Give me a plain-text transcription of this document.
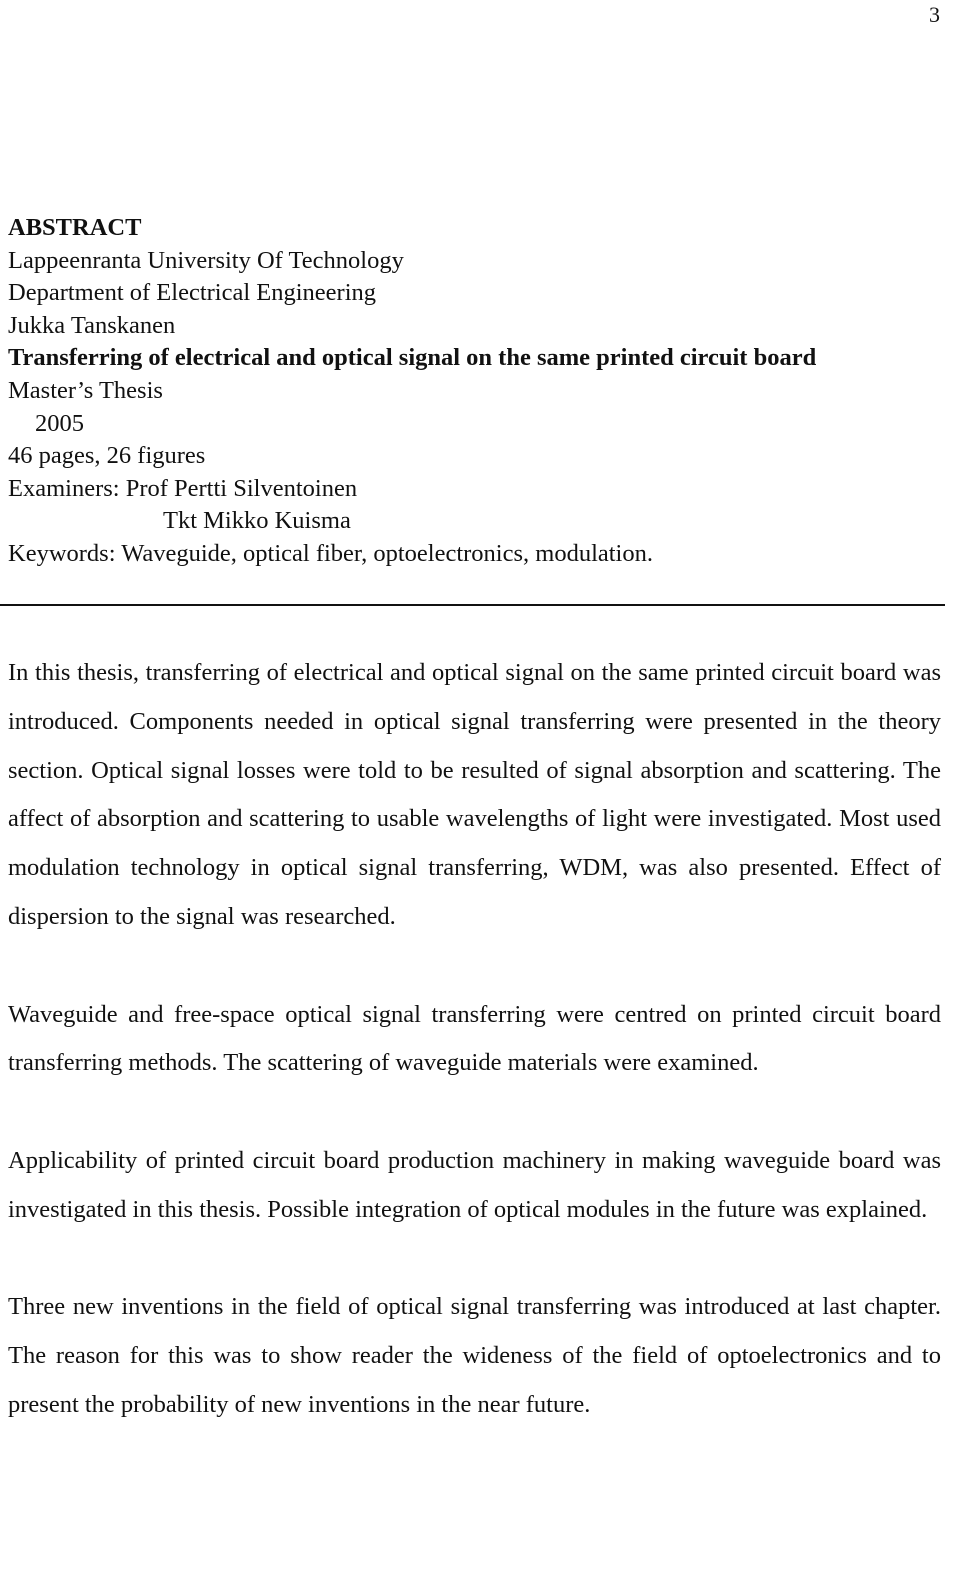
3
ABSTRACT
Lappeenranta University Of Technology
Department of Electrical Engineering
Jukka Tanskanen
Transferring of electrical and optical signal on the same printed circuit board
Master’s Thesis
2005
46 pages, 26 figures
Examiners: Prof Pertti Silventoinen
Tkt Mikko Kuisma
Keywords: Waveguide, optical fiber, optoelectronics, modulation.

In this thesis, transferring of electrical and optical signal on the same printed circuit board was introduced. Components needed in optical signal transferring were presented in the theory section. Optical signal losses were told to be resulted of signal absorption and scattering. The affect of absorption and scattering to usable wavelengths of light were investigated. Most used modulation technology in optical signal transferring, WDM, was also presented. Effect of dispersion to the signal was researched.

Waveguide and free-space optical signal transferring were centred on printed circuit board transferring methods. The scattering of waveguide materials were examined.

Applicability of printed circuit board production machinery in making waveguide board was investigated in this thesis. Possible integration of optical modules in the future was explained.

Three new inventions in the field of optical signal transferring was introduced at last chapter. The reason for this was to show reader the wideness of the field of optoelectronics and to present the probability of new inventions in the near future.
